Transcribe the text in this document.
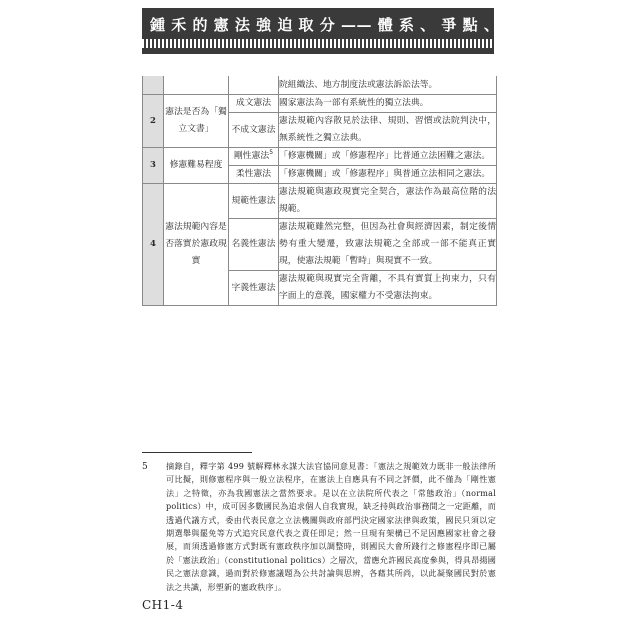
鍾 禾 的 憲 法 強 迫 取 分 —— 體 系 、 爭 點 、 解 題 一 次 搞 定
			院組織法、地方制度法或憲法訴訟法等。
2	憲法是否為「獨立文書」	成文憲法	國家憲法為一部有系統性的獨立法典。
		不成文憲法	憲法規範內容散見於法律、規則、習慣或法院判決中，無系統性之獨立法典。
3	修憲難易程度	剛性憲法$^5$	「修憲機關」或「修憲程序」比普通立法困難之憲法。
		柔性憲法	「修憲機關」或「修憲程序」與普通立法相同之憲法。
4	憲法規範內容是否落實於憲政現實	規範性憲法	憲法規範與憲政現實完全契合，憲法作為最高位階的法規範。
		名義性憲法	憲法規範雖然完整，但因為社會與經濟因素，制定後情勢有重大變遷，致憲法規範之全部或一部不能真正實現，使憲法規範「暫時」與現實不一致。
		字義性憲法	憲法規範與現實完全背離，不具有實質上拘束力，只有字面上的意義，國家權力不受憲法拘束。
5 摘錄自，釋字第 499 號解釋林永謀大法官協同意見書：「憲法之規範效力既非一般法律所可比擬，則修憲程序與一般立法程序，在憲法上自應具有不同之評價，此不僅為「剛性憲法」之特徵，亦為我國憲法之當然要求。是以在立法院所代表之「常態政治」（normal politics）中，成可因多數國民為追求個人自我實現，缺乏持與政治事務間之一定距離，而透過代議方式，委由代表民意之立法機關與政府部門決定國家法律與政策，國民只須以定期選舉與罷免等方式追究民意代表之責任即足；然一旦現有架構已不足因應國家社會之發展，而須透過修憲方式對既有憲政秩序加以調整時，則國民大會所踐行之修憲程序即已屬於「憲法政治」（constitutional politics）之層次，當應允許國民高度參與，得具昂揚國民之憲法意識，過而對於修憲議題為公共討論與思辨，各藉其所尚，以此凝聚國民對於憲法之共識，形塑新的憲政秩序」。
CH1-4
